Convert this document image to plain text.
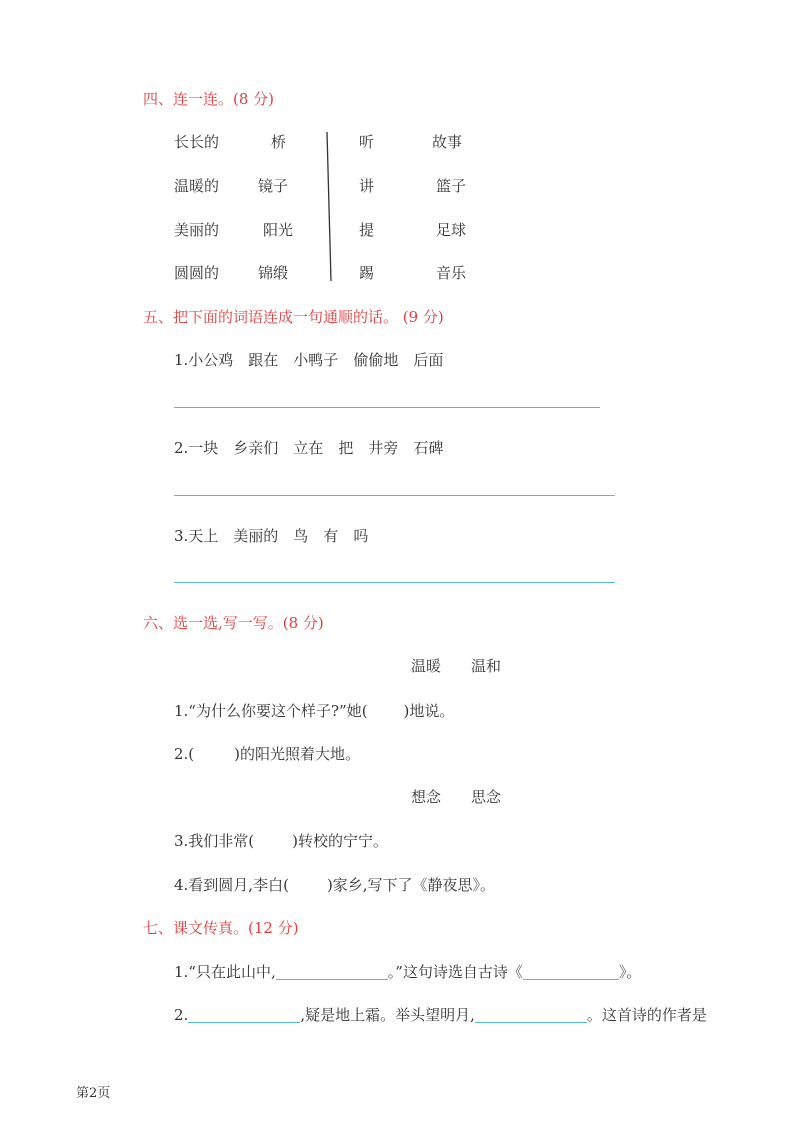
四、连一连。(8 分)
长长的	桥
温暖的	镜子
美丽的	阳光
圆圆的	锦缎
听	故事
讲	篮子
提	足球
踢	音乐
五、把下面的词语连成一句通顺的话。 (9 分)
1.小公鸡　跟在　小鸭子　偷偷地　后面
2.一块　乡亲们　立在　把　井旁　石碑
3.天上　美丽的　鸟　有　吗
六、选一选,写一写。(8 分)
温暖　　温和
1.“为什么你要这个样子?”她( )地说。
2.(	)的阳光照着大地。
想念　　思念
3.我们非常(	)转校的宁宁。
4.看到圆月,李白(	)家乡,写下了《静夜思》。
七、课文传真。(12 分)
1.“只在此山中,	。”这句诗选自古诗《	》。
2.	,疑是地上霜。举头望明月,	。这首诗的作者是
第2页
